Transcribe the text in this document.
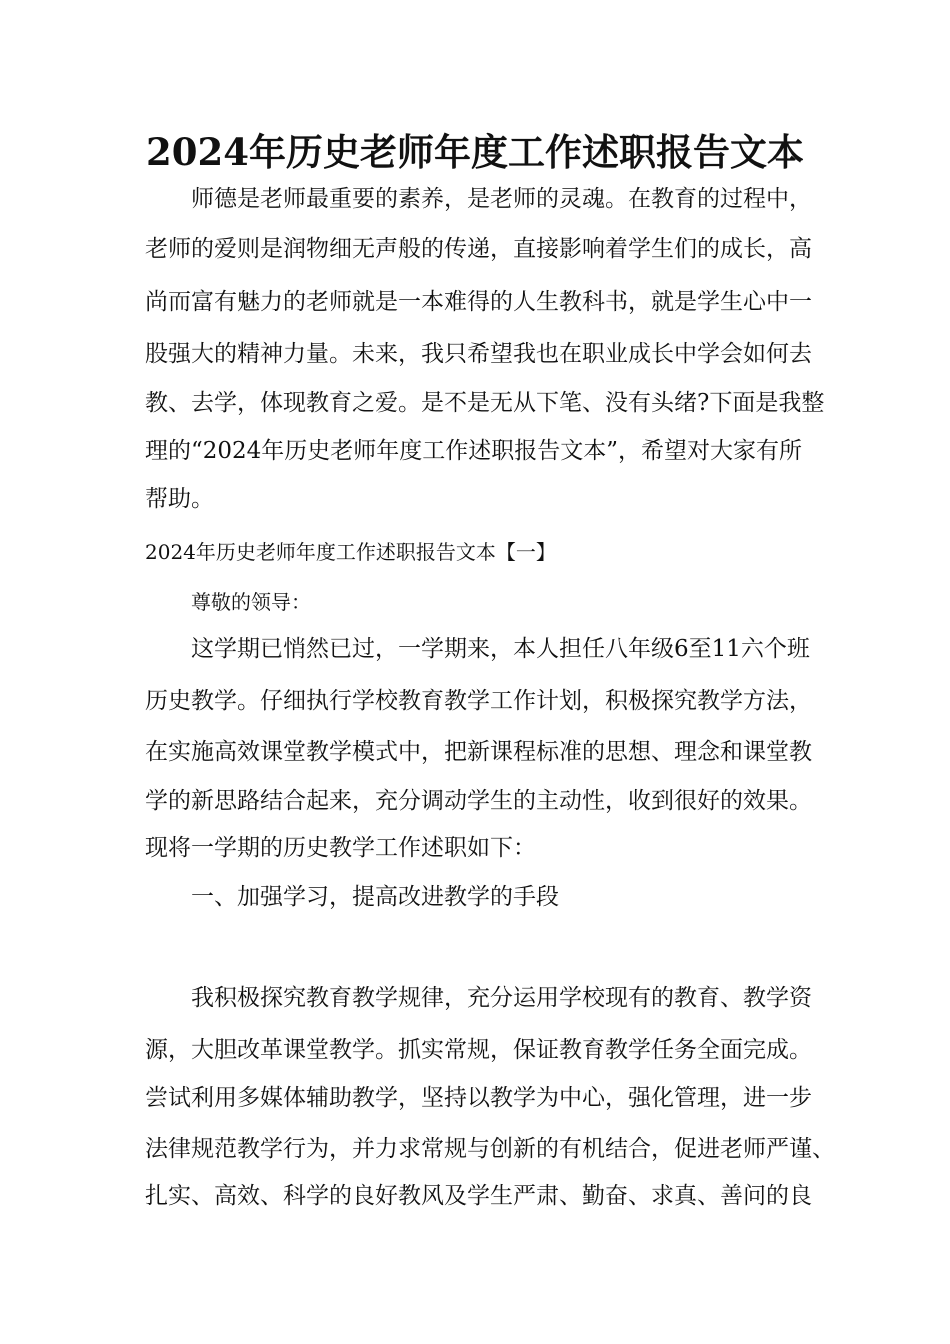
2024年历史老师年度工作述职报告文本

师德是老师最重要的素养，是老师的灵魂。在教育的过程中，

老师的爱则是润物细无声般的传递，直接影响着学生们的成长，高

尚而富有魅力的老师就是一本难得的人生教科书，就是学生心中一

股强大的精神力量。未来，我只希望我也在职业成长中学会如何去

教、去学，体现教育之爱。是不是无从下笔、没有头绪?下面是我整

理的“2024年历史老师年度工作述职报告文本”，希望对大家有所

帮助。

2024年历史老师年度工作述职报告文本【一】

尊敬的领导：

这学期已悄然已过，一学期来，本人担任八年级6至11六个班

历史教学。仔细执行学校教育教学工作计划，积极探究教学方法，

在实施高效课堂教学模式中，把新课程标准的思想、理念和课堂教

学的新思路结合起来，充分调动学生的主动性，收到很好的效果。

现将一学期的历史教学工作述职如下：

一、加强学习，提高改进教学的手段

我积极探究教育教学规律，充分运用学校现有的教育、教学资

源，大胆改革课堂教学。抓实常规，保证教育教学任务全面完成。

尝试利用多媒体辅助教学，坚持以教学为中心，强化管理，进一步

法律规范教学行为，并力求常规与创新的有机结合，促进老师严谨、

扎实、高效、科学的良好教风及学生严肃、勤奋、求真、善问的良
